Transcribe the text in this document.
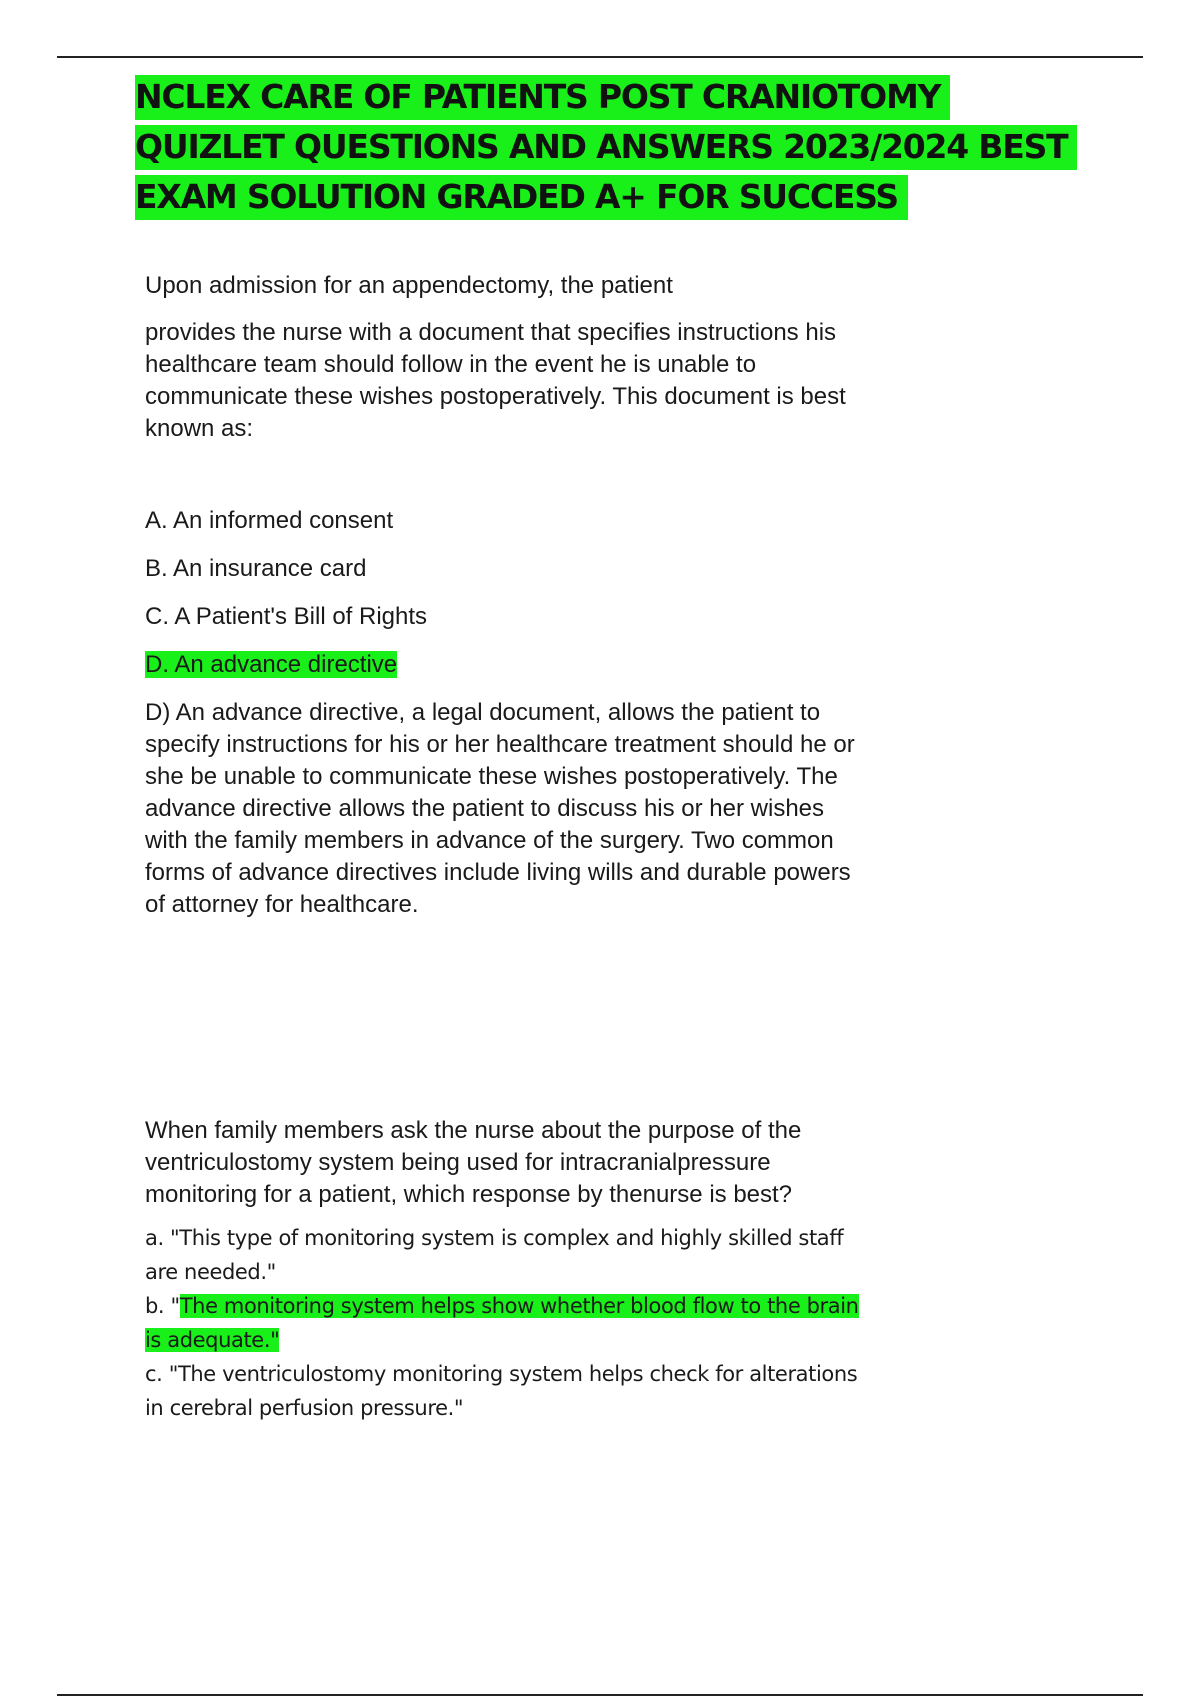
NCLEX CARE OF PATIENTS POST CRANIOTOMY QUIZLET QUESTIONS AND ANSWERS 2023/2024 BEST EXAM SOLUTION GRADED A+ FOR SUCCESS

Upon admission for an appendectomy, the patient

provides the nurse with a document that specifies instructions his healthcare team should follow in the event he is unable to communicate these wishes postoperatively. This document is best known as:

A. An informed consent

B. An insurance card

C. A Patient's Bill of Rights

D. An advance directive

D) An advance directive, a legal document, allows the patient to specify instructions for his or her healthcare treatment should he or she be unable to communicate these wishes postoperatively. The advance directive allows the patient to discuss his or her wishes with the family members in advance of the surgery. Two common forms of advance directives include living wills and durable powers of attorney for healthcare.

When family members ask the nurse about the purpose of the ventriculostomy system being used for intracranialpressure monitoring for a patient, which response by thenurse is best?

a. "This type of monitoring system is complex and highly skilled staff are needed."

b. "The monitoring system helps show whether blood flow to the brain is adequate."

c. "The ventriculostomy monitoring system helps check for alterations in cerebral perfusion pressure."
